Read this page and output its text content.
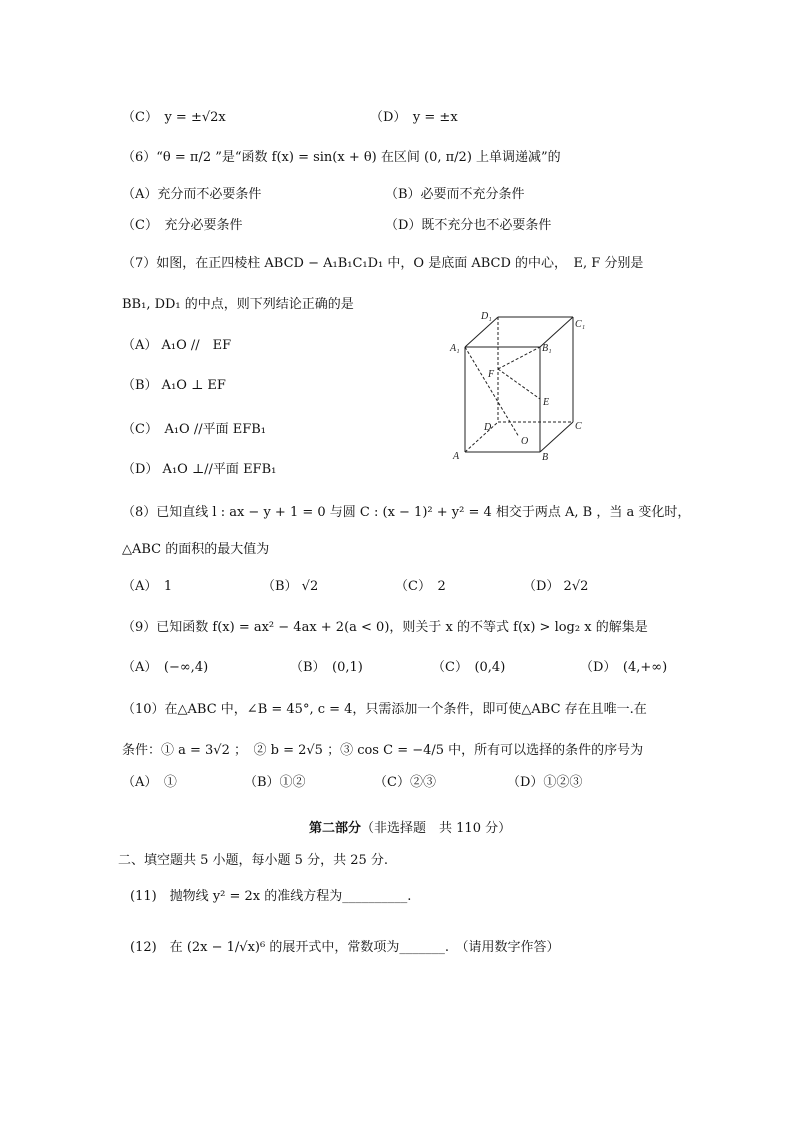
（C）　y = ±√2x	（D）　y = ±x
（6）“θ = π/2 ”是“函数 f(x) = sin(x + θ) 在区间 (0, π/2) 上单调递减”的
（A）充分而不必要条件	（B）必要而不充分条件
（C）　充分必要条件	（D）既不充分也不必要条件
（7）如图，在正四棱柱 ABCD − A₁B₁C₁D₁ 中，O 是底面 ABCD 的中心，　E, F 分别是
BB₁, DD₁ 的中点，则下列结论正确的是
（A） A₁O //　EF
（B） A₁O ⊥ EF
（C）　A₁O //平面 EFB₁
（D） A₁O ⊥//平面 EFB₁
D₁
C₁
A₁	B₁
F
E
D
O
C
A	B
（8）已知直线 l : ax − y + 1 = 0 与圆 C : (x − 1)² + y² = 4 相交于两点 A, B ，当 a 变化时，
△ABC 的面积的最大值为
（A）　1	（B） √2	（C）　2	（D） 2√2
（9）已知函数 f(x) = ax² − 4ax + 2(a < 0)，则关于 x 的不等式 f(x) > log₂ x 的解集是
（A）　(−∞,4)	（B）　(0,1)	（C）　(0,4)	（D）　(4,+∞)
（10）在△ABC 中，∠B = 45°, c = 4，只需添加一个条件，即可使△ABC 存在且唯一.在
条件：① a = 3√2 ；　② b = 2√5 ；③ cos C = −4/5 中，所有可以选择的条件的序号为
（A）　①	（B）①②	（C）②③	（D）①②③
第二部分（非选择题　共 110 分）
二、填空题共 5 小题，每小题 5 分，共 25 分.
(11)　抛物线 y² = 2x 的准线方程为__________.
(12)　在 (2x − 1/√x)⁶ 的展开式中，常数项为_______.　（请用数字作答）
